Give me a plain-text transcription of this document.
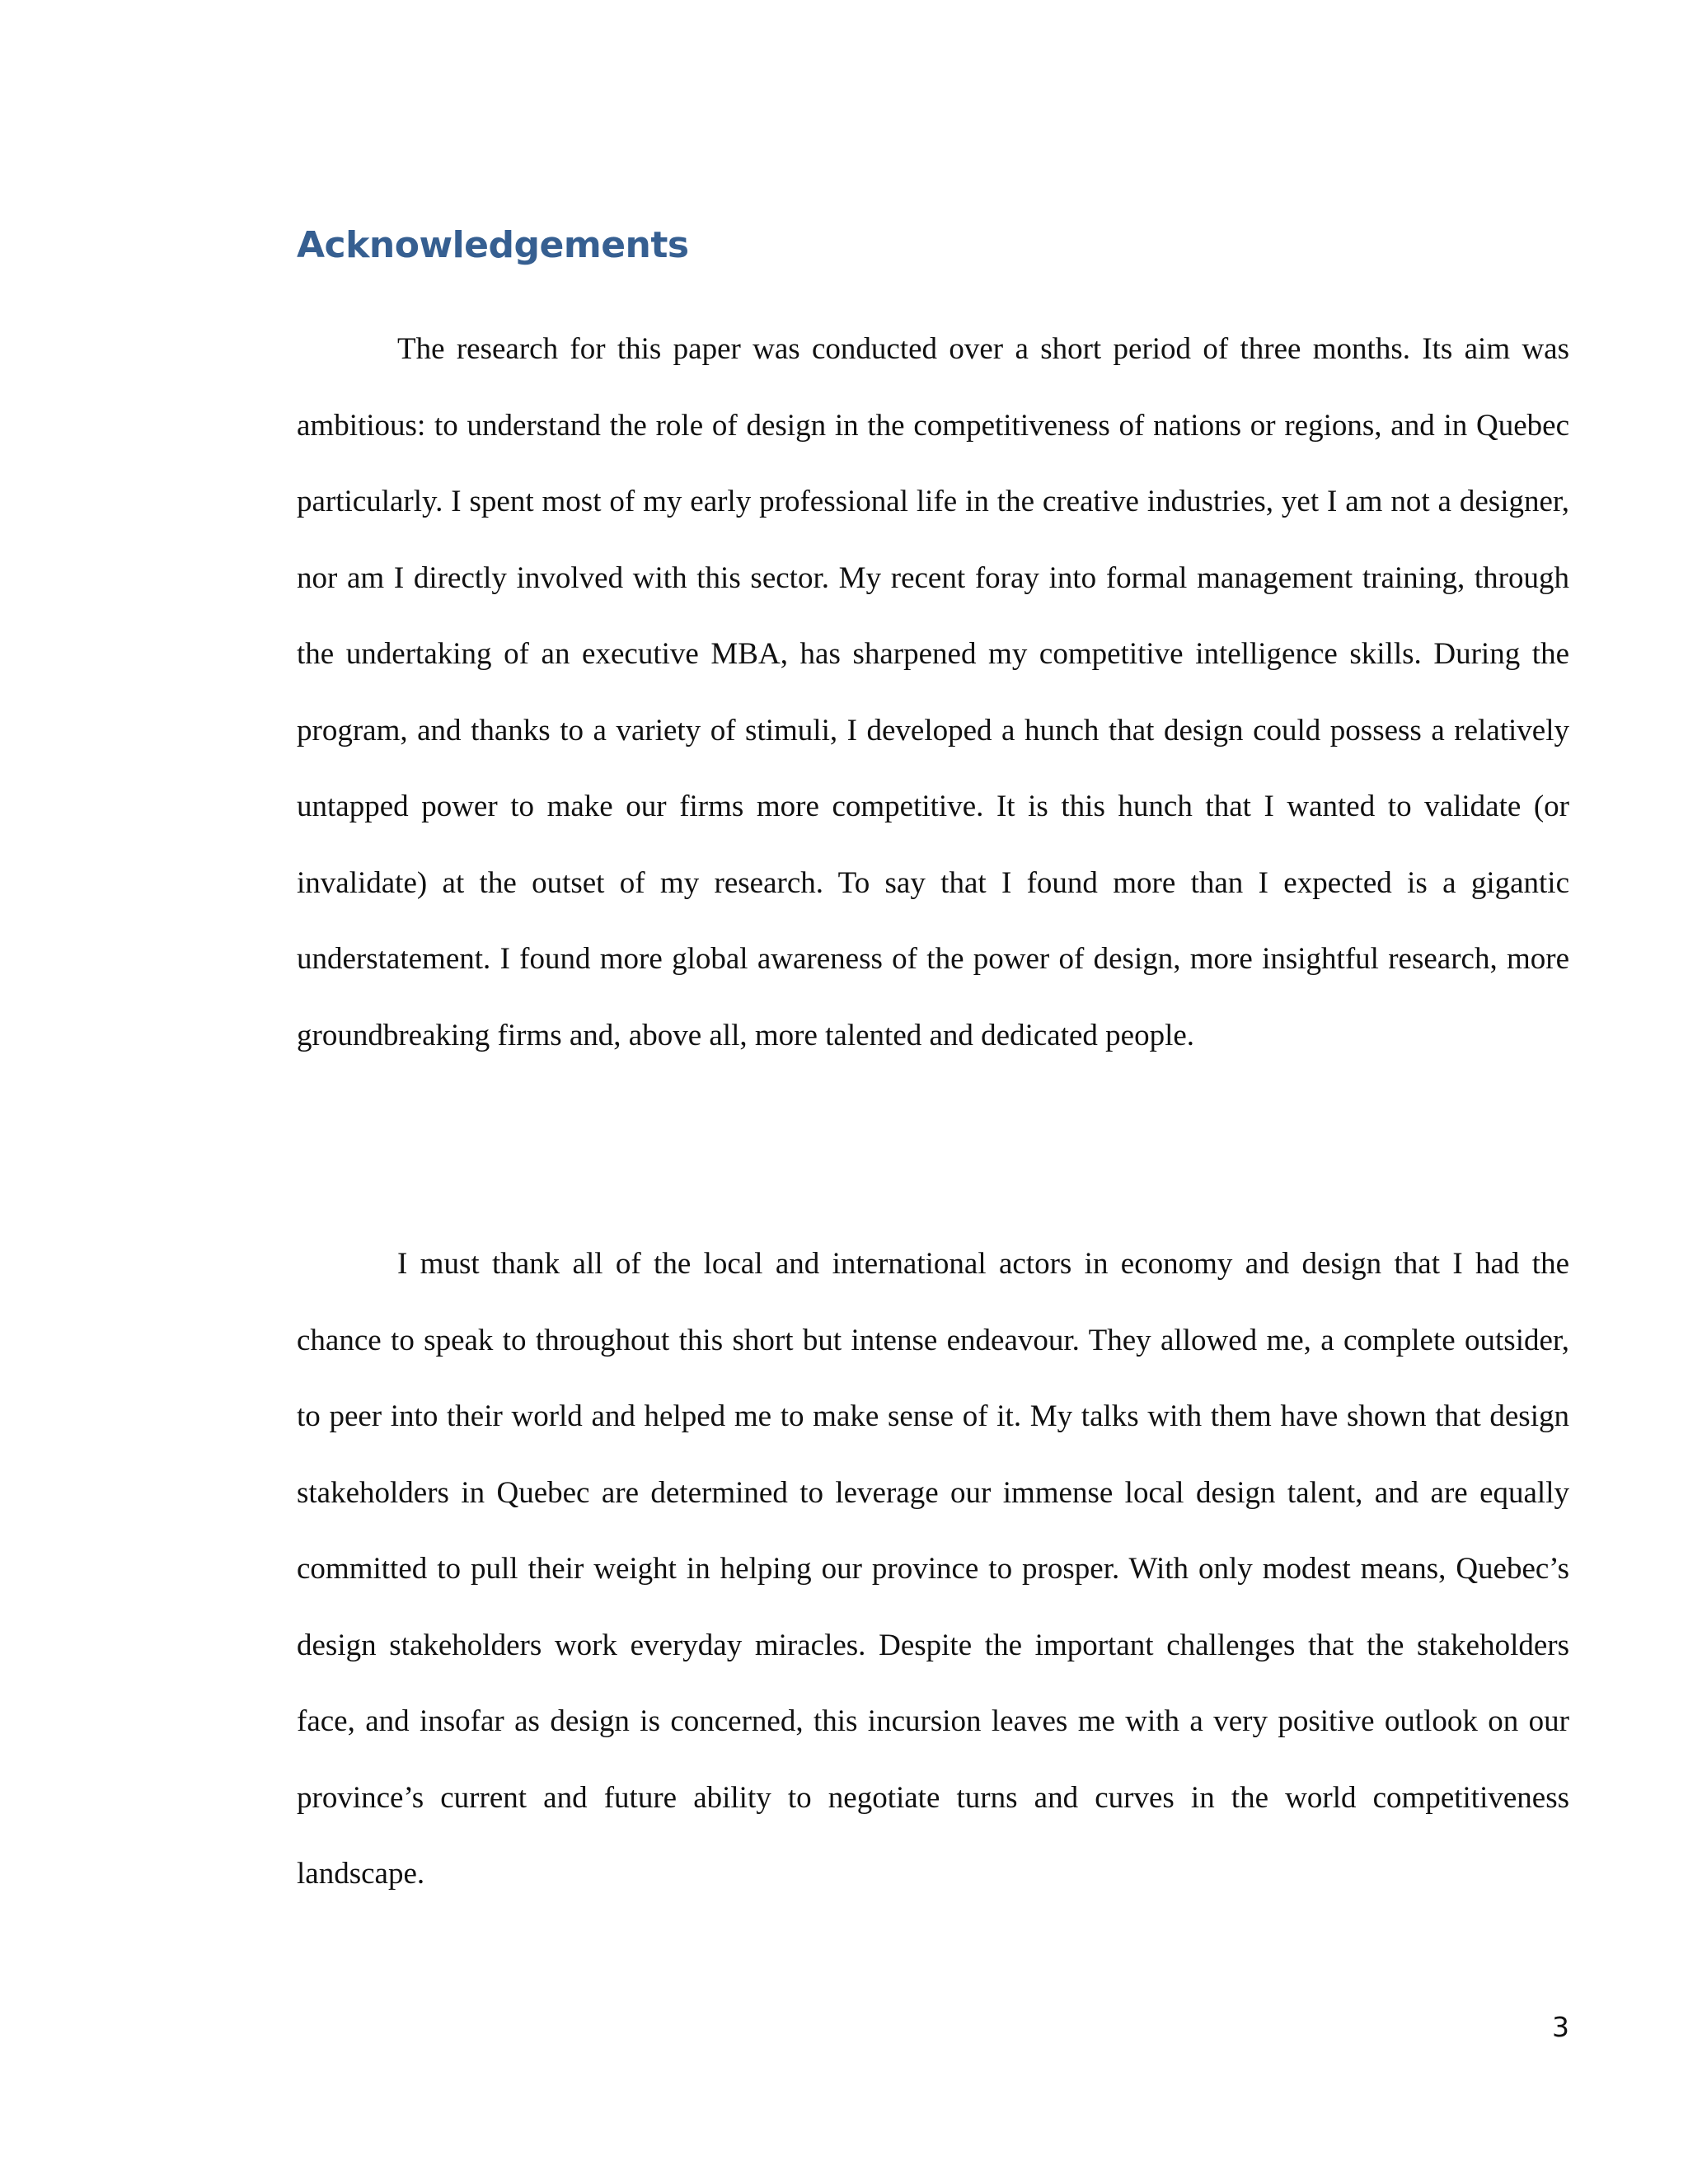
Acknowledgements

The research for this paper was conducted over a short period of three months. Its aim was ambitious: to understand the role of design in the competitiveness of nations or regions, and in Quebec particularly. I spent most of my early professional life in the creative industries, yet I am not a designer, nor am I directly involved with this sector. My recent foray into formal management training, through the undertaking of an executive MBA, has sharpened my competitive intelligence skills. During the program, and thanks to a variety of stimuli, I developed a hunch that design could possess a relatively untapped power to make our firms more competitive. It is this hunch that I wanted to validate (or invalidate) at the outset of my research. To say that I found more than I expected is a gigantic understatement. I found more global awareness of the power of design, more insightful research, more groundbreaking firms and, above all, more talented and dedicated people.

I must thank all of the local and international actors in economy and design that I had the chance to speak to throughout this short but intense endeavour. They allowed me, a complete outsider, to peer into their world and helped me to make sense of it. My talks with them have shown that design stakeholders in Quebec are determined to leverage our immense local design talent, and are equally committed to pull their weight in helping our province to prosper. With only modest means, Quebec’s design stakeholders work everyday miracles. Despite the important challenges that the stakeholders face, and insofar as design is concerned, this incursion leaves me with a very positive outlook on our province’s current and future ability to negotiate turns and curves in the world competitiveness landscape.

3
